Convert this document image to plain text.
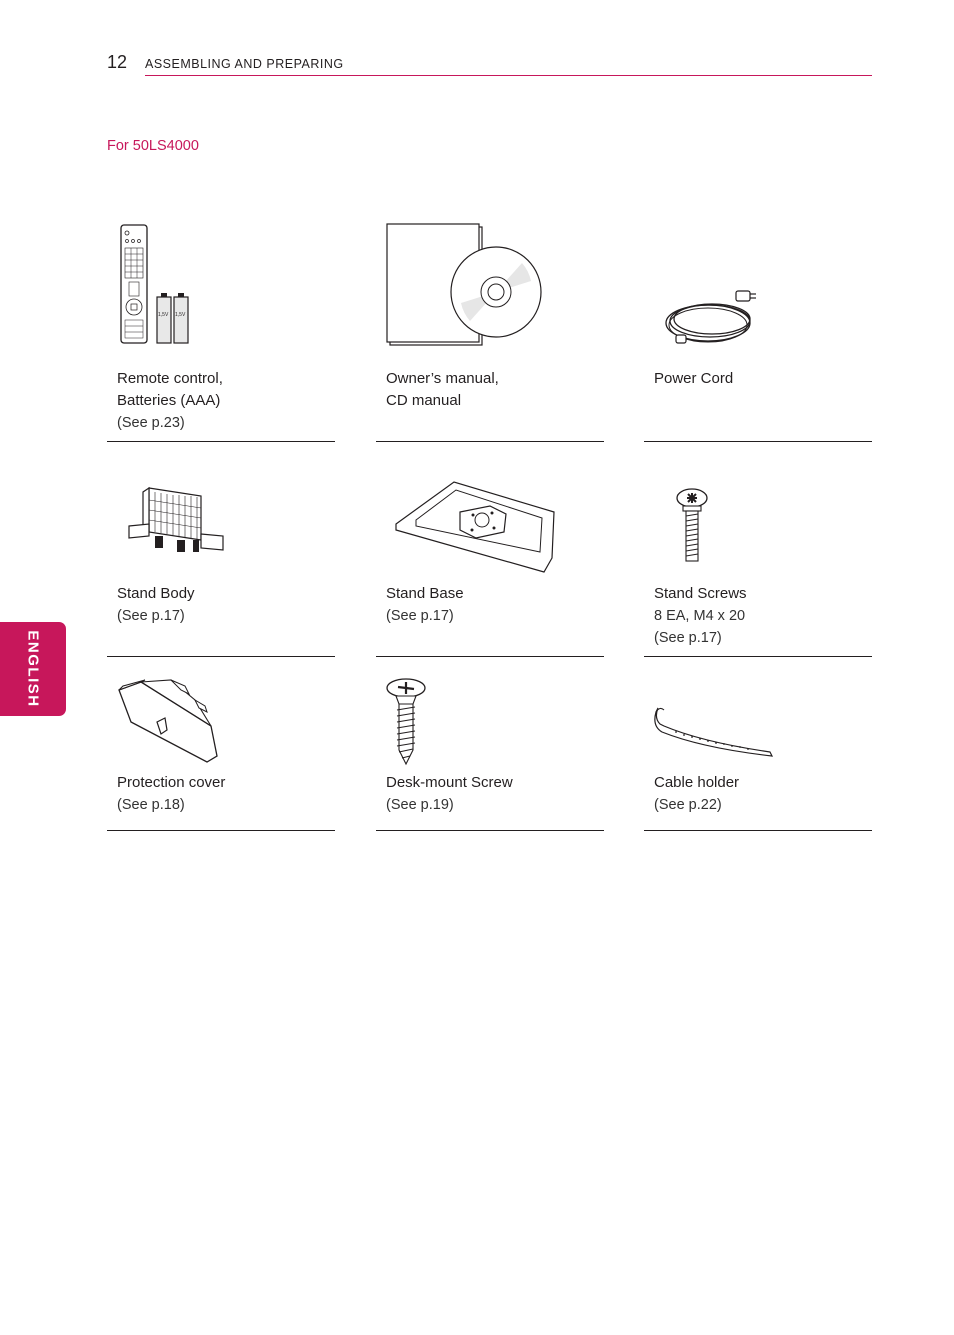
12 ASSEMBLING AND PREPARING
For 50LS4000
ENGLISH
1,5V 1,5V
Remote control,
Batteries (AAA)
(See p.23)
Owner’s manual,
CD manual
Power Cord
Stand Body
(See p.17)
Stand Base
(See p.17)
Stand Screws
8 EA, M4 x 20
(See p.17)
Protection cover
(See p.18)
Desk-mount Screw
(See p.19)
Cable holder
(See p.22)
